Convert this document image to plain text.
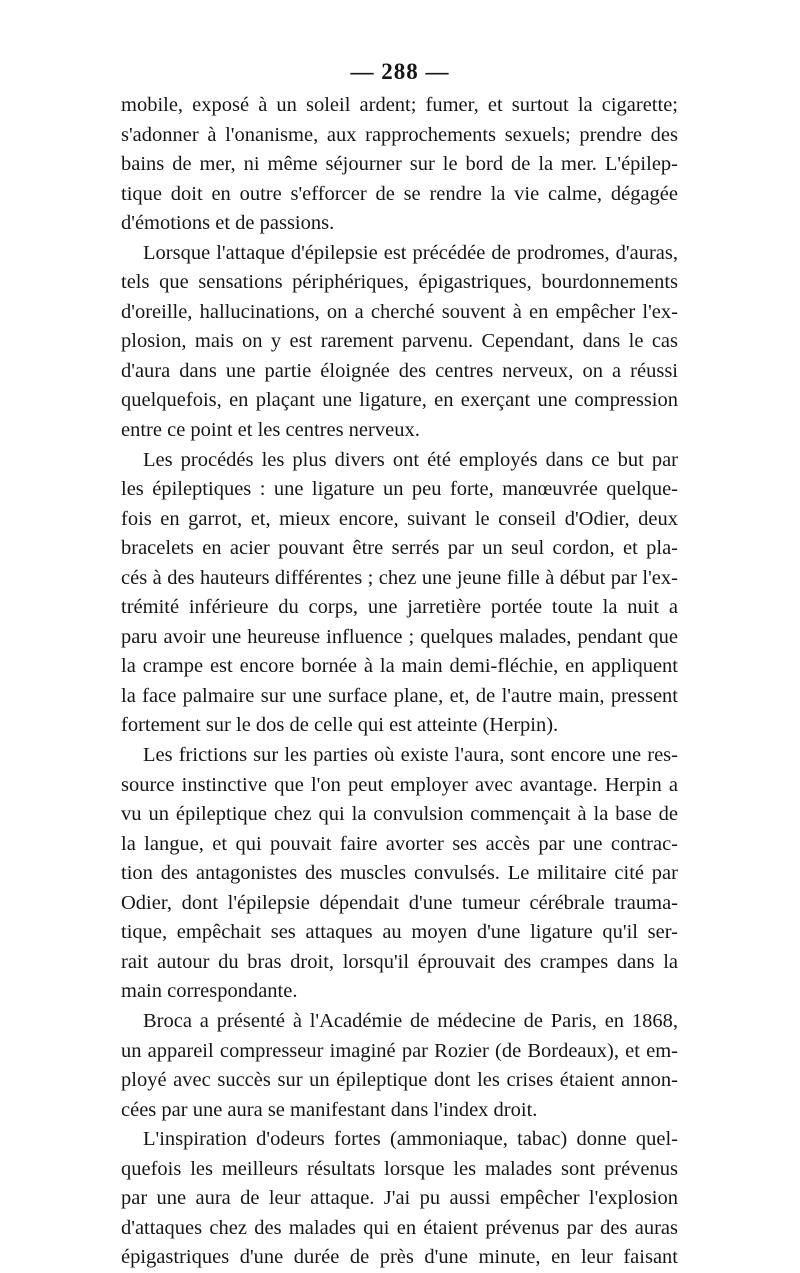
— 288 —
mobile, exposé à un soleil ardent; fumer, et surtout la cigarette;
s'adonner à l'onanisme, aux rapprochements sexuels; prendre des
bains de mer, ni même séjourner sur le bord de la mer. L'épilep-
tique doit en outre s'efforcer de se rendre la vie calme, dégagée
d'émotions et de passions.
Lorsque l'attaque d'épilepsie est précédée de prodromes, d'auras,
tels que sensations périphériques, épigastriques, bourdonnements
d'oreille, hallucinations, on a cherché souvent à en empêcher l'ex-
plosion, mais on y est rarement parvenu. Cependant, dans le cas
d'aura dans une partie éloignée des centres nerveux, on a réussi
quelquefois, en plaçant une ligature, en exerçant une compression
entre ce point et les centres nerveux.
Les procédés les plus divers ont été employés dans ce but par
les épileptiques : une ligature un peu forte, manœuvrée quelque-
fois en garrot, et, mieux encore, suivant le conseil d'Odier, deux
bracelets en acier pouvant être serrés par un seul cordon, et pla-
cés à des hauteurs différentes ; chez une jeune fille à début par l'ex-
trémité inférieure du corps, une jarretière portée toute la nuit a
paru avoir une heureuse influence ; quelques malades, pendant que
la crampe est encore bornée à la main demi-fléchie, en appliquent
la face palmaire sur une surface plane, et, de l'autre main, pressent
fortement sur le dos de celle qui est atteinte (Herpin).
Les frictions sur les parties où existe l'aura, sont encore une res-
source instinctive que l'on peut employer avec avantage. Herpin a
vu un épileptique chez qui la convulsion commençait à la base de
la langue, et qui pouvait faire avorter ses accès par une contrac-
tion des antagonistes des muscles convulsés. Le militaire cité par
Odier, dont l'épilepsie dépendait d'une tumeur cérébrale trauma-
tique, empêchait ses attaques au moyen d'une ligature qu'il ser-
rait autour du bras droit, lorsqu'il éprouvait des crampes dans la
main correspondante.
Broca a présenté à l'Académie de médecine de Paris, en 1868,
un appareil compresseur imaginé par Rozier (de Bordeaux), et em-
ployé avec succès sur un épileptique dont les crises étaient annon-
cées par une aura se manifestant dans l'index droit.
L'inspiration d'odeurs fortes (ammoniaque, tabac) donne quel-
quefois les meilleurs résultats lorsque les malades sont prévenus
par une aura de leur attaque. J'ai pu aussi empêcher l'explosion
d'attaques chez des malades qui en étaient prévenus par des auras
épigastriques d'une durée de près d'une minute, en leur faisant
